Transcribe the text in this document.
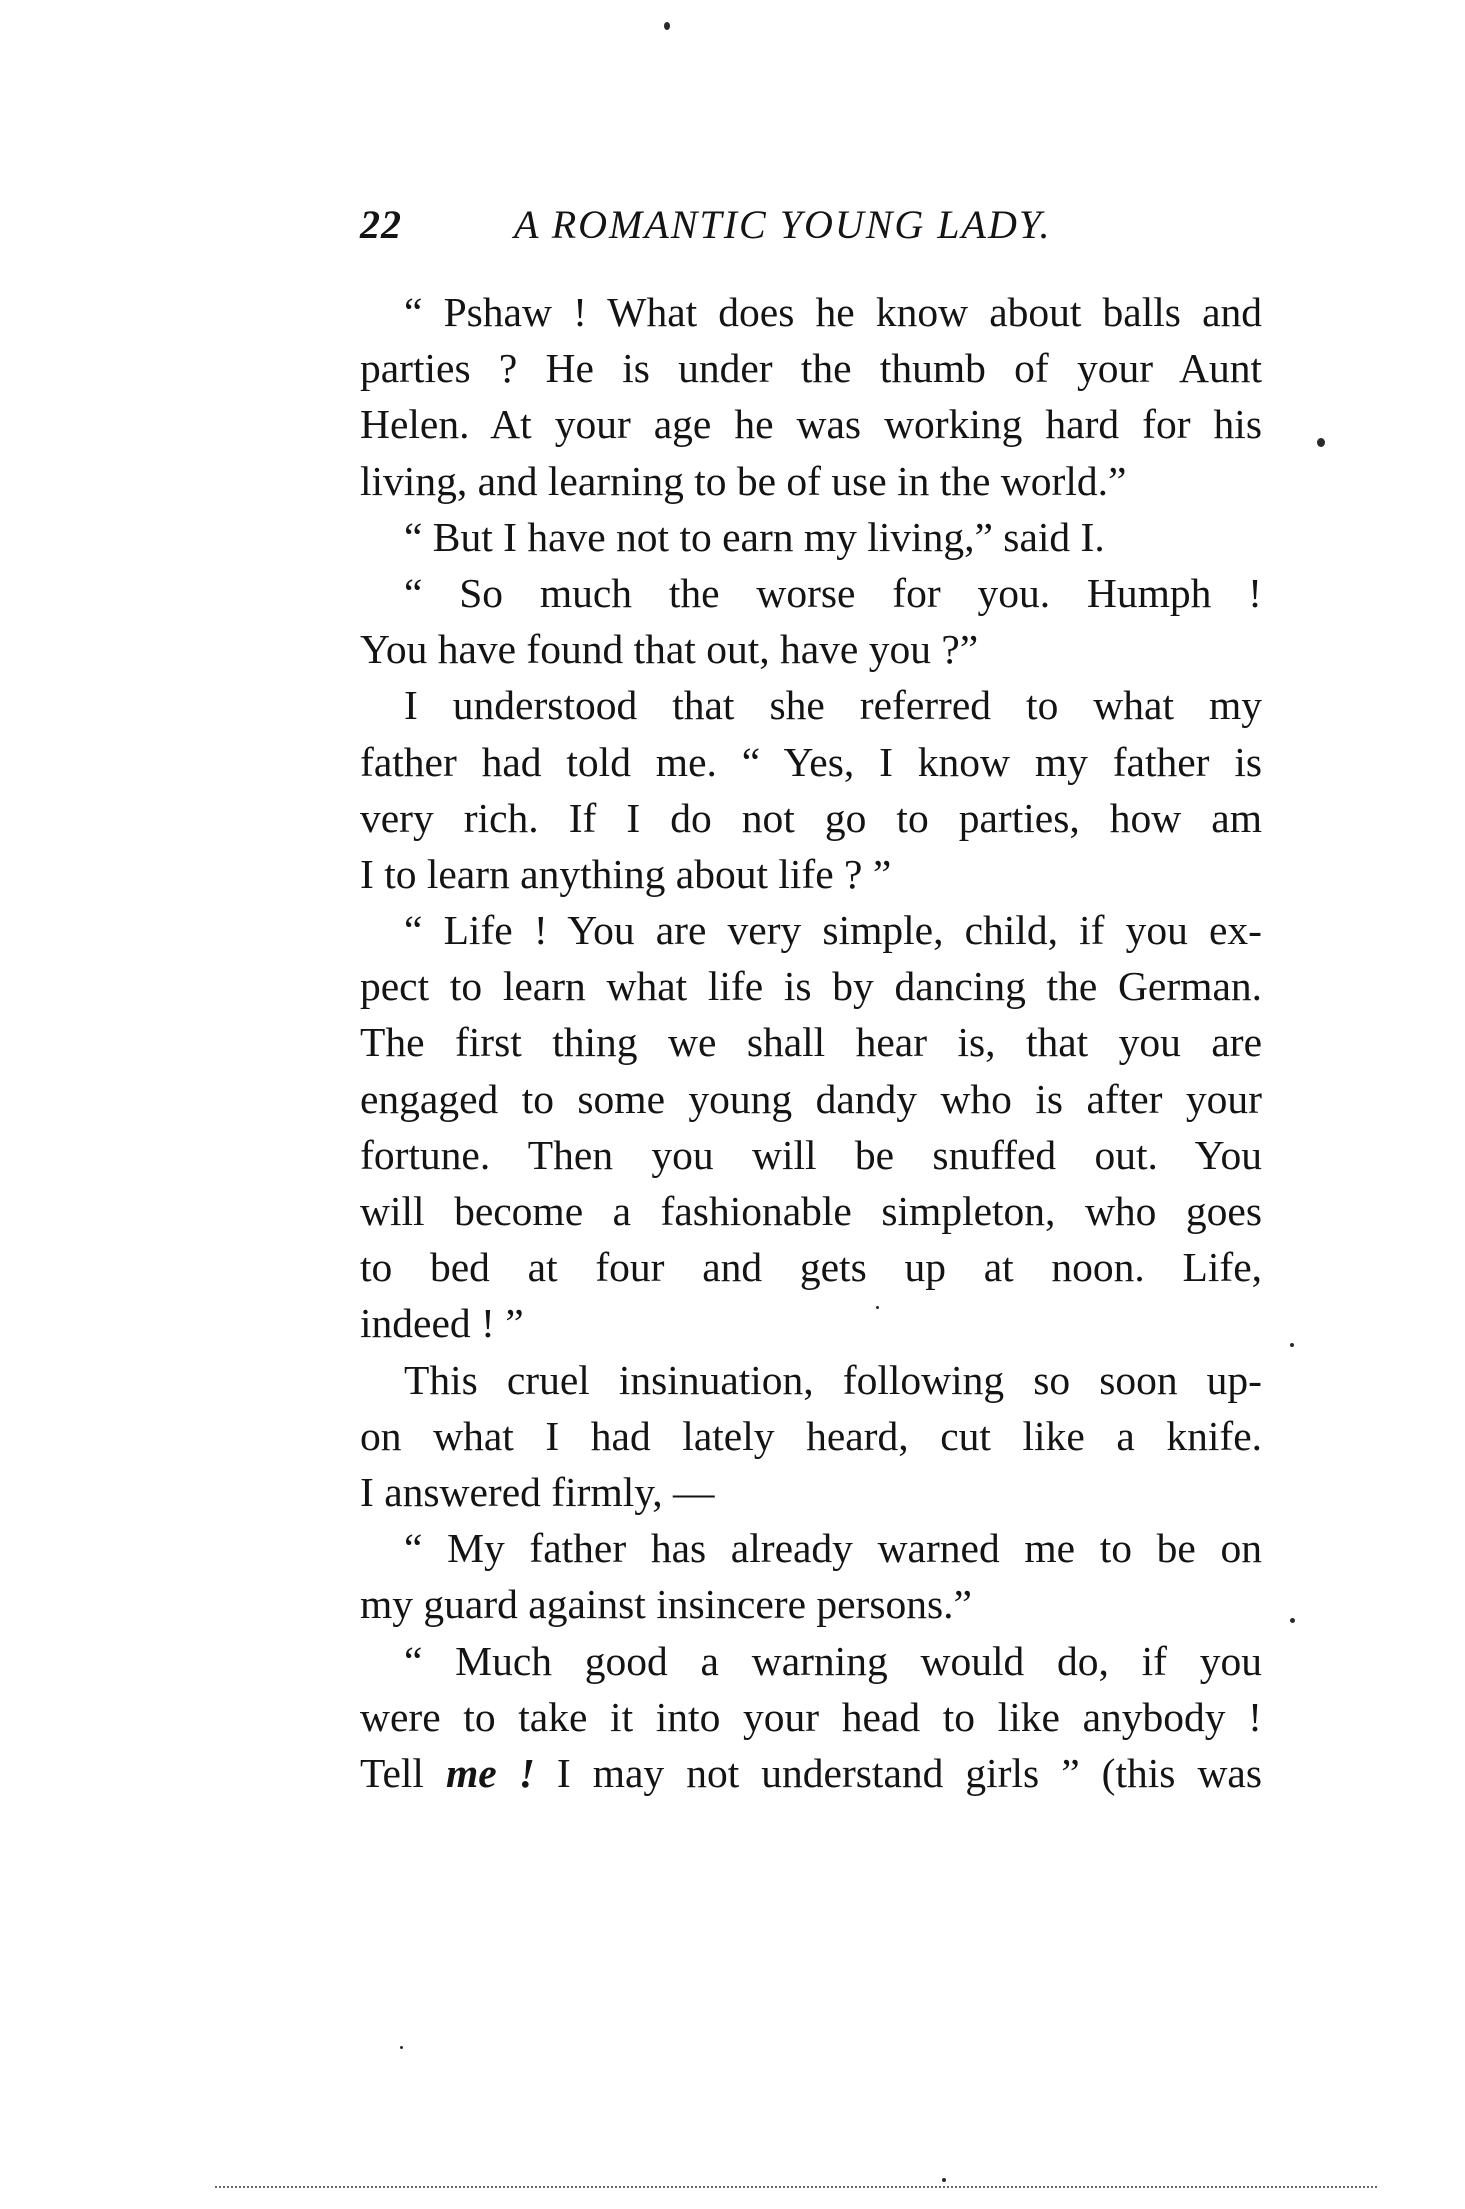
22	A ROMANTIC YOUNG LADY.
“ Pshaw ! What does he know about balls and
parties ? He is under the thumb of your Aunt
Helen. At your age he was working hard for his
living, and learning to be of use in the world.”
“ But I have not to earn my living,” said I.
“ So much the worse for you. Humph !
You have found that out, have you ?”
I understood that she referred to what my
father had told me. “ Yes, I know my father is
very rich. If I do not go to parties, how am
I to learn anything about life ? ”
“ Life ! You are very simple, child, if you ex-
pect to learn what life is by dancing the German.
The first thing we shall hear is, that you are
engaged to some young dandy who is after your
fortune. Then you will be snuffed out. You
will become a fashionable simpleton, who goes
to bed at four and gets up at noon. Life,
indeed ! ”
This cruel insinuation, following so soon up-
on what I had lately heard, cut like a knife.
I answered firmly, —
“ My father has already warned me to be on
my guard against insincere persons.”
“ Much good a warning would do, if you
were to take it into your head to like anybody !
Tell me ! I may not understand girls ” (this was
